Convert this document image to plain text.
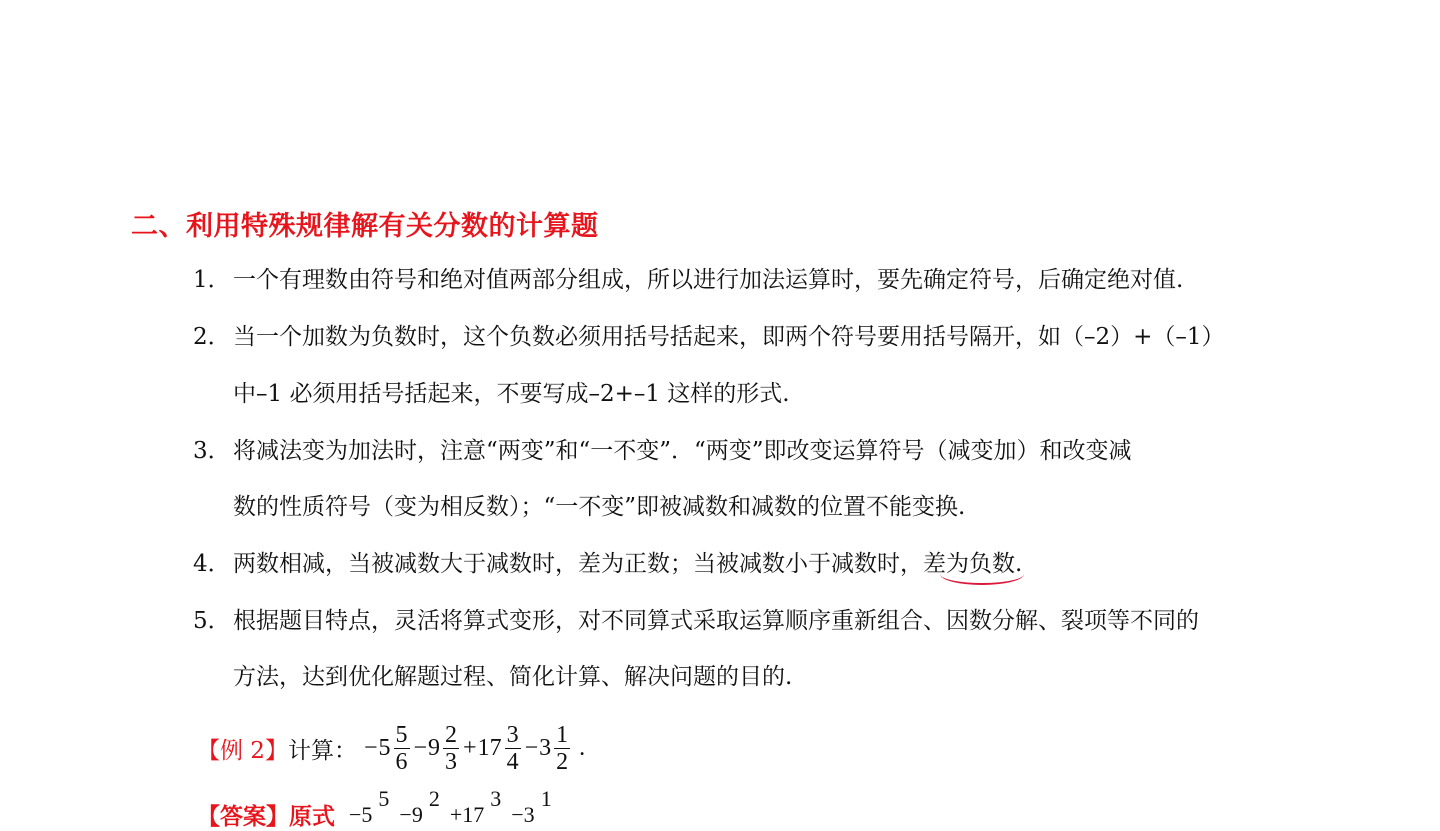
二、利用特殊规律解有关分数的计算题
1． 一个有理数由符号和绝对值两部分组成，所以进行加法运算时，要先确定符号，后确定绝对值.
2． 当一个加数为负数时，这个负数必须用括号括起来，即两个符号要用括号隔开，如（–2）+（–1）
中–1 必须用括号括起来，不要写成–2+–1 这样的形式.
3． 将减法变为加法时，注意“两变”和“一不变”．“两变”即改变运算符号（减变加）和改变减
数的性质符号（变为相反数）；“一不变”即被减数和减数的位置不能变换.
4． 两数相减，当被减数大于减数时，差为正数；当被减数小于减数时，差为负数.
5． 根据题目特点，灵活将算式变形，对不同算式采取运算顺序重新组合、因数分解、裂项等不同的
方法，达到优化解题过程、简化计算、解决问题的目的.
【例 2】 计算： − $5 \frac{5}{6} - 9 \frac{2}{3} + 17 \frac{3}{4} - 3 \frac{1}{2}$ .
【答案】原式 −5
5
−9
2
+17
3
−3
1
